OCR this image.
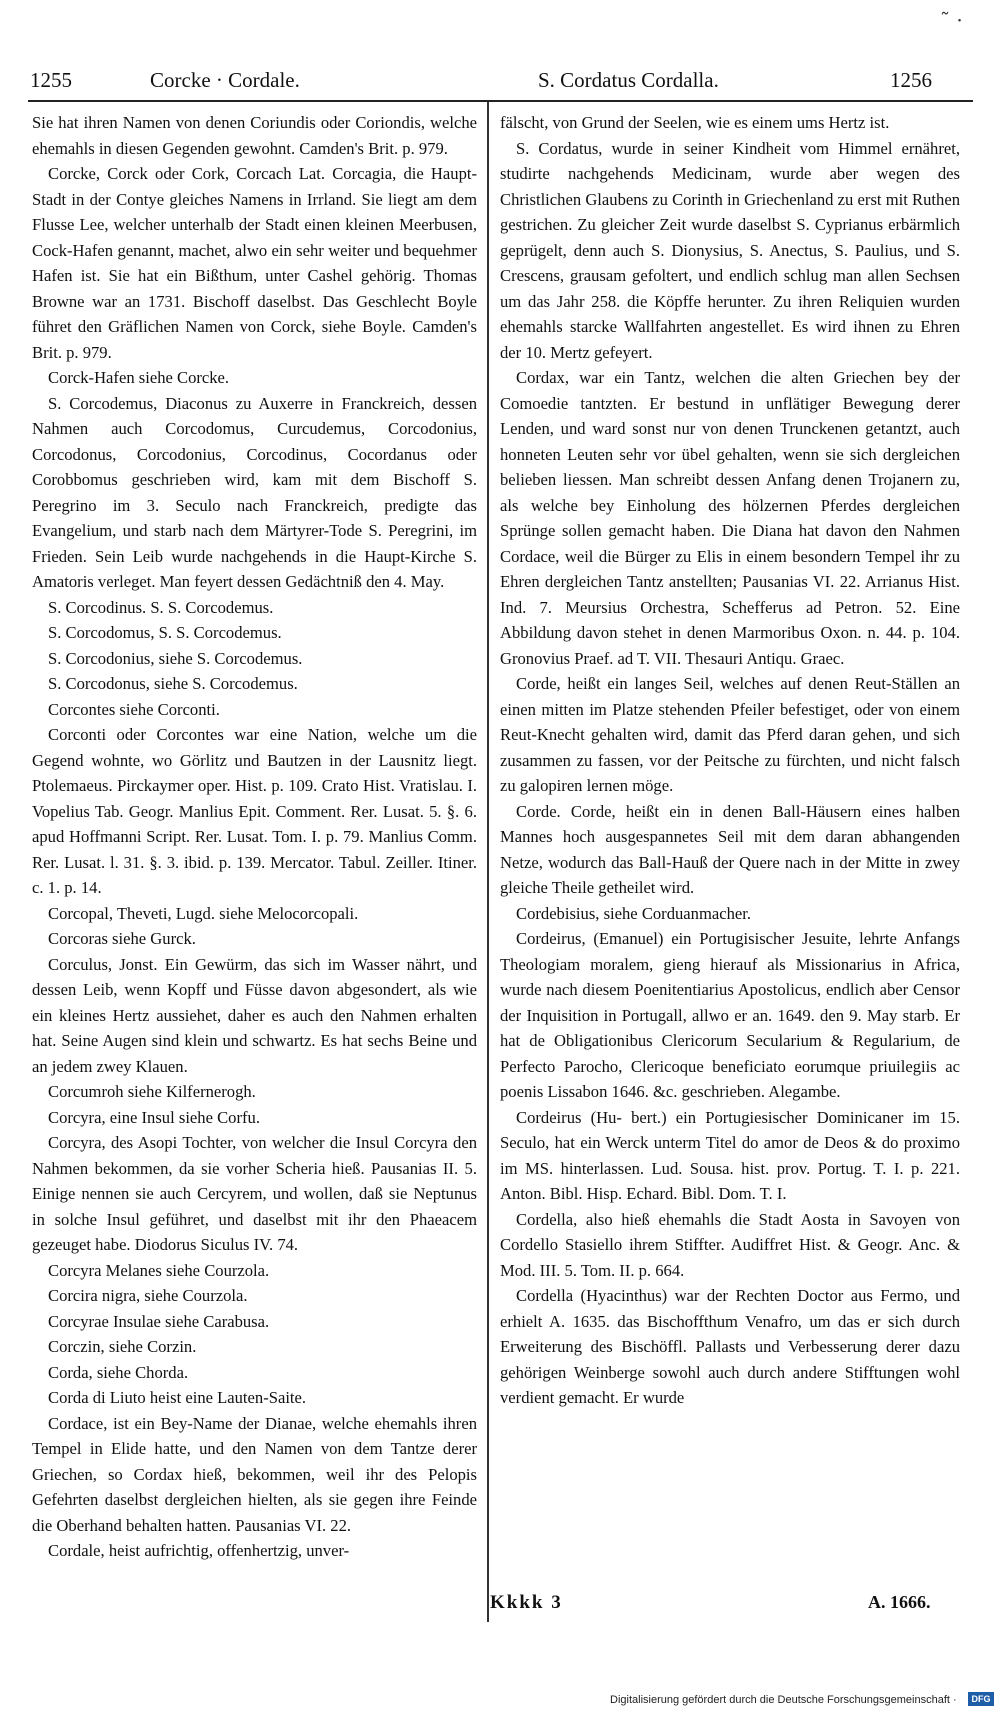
˜ ·
1255	Corcke · Cordale.	S. Cordatus Cordalla.	1256

Sie hat ihren Namen von denen Coriundis oder Coriondis, welche ehemahls in diesen Gegenden gewohnt. Camden's Brit. p. 979.

Corcke, Corck oder Cork, Corcach Lat. Corcagia, die Haupt-Stadt in der Contye gleiches Namens in Irrland. Sie liegt am dem Flusse Lee, welcher unterhalb der Stadt einen kleinen Meerbusen, Cock-Hafen genannt, machet, alwo ein sehr weiter und bequehmer Hafen ist. Sie hat ein Bißthum, unter Cashel gehörig. Thomas Browne war an 1731. Bischoff daselbst. Das Geschlecht Boyle führet den Gräflichen Namen von Corck, siehe Boyle. Camden's Brit. p. 979.

Corck-Hafen siehe Corcke.

S. Corcodemus, Diaconus zu Auxerre in Franckreich, dessen Nahmen auch Corcodomus, Curcudemus, Corcodonius, Corcodonus, Corcodonius, Corcodinus, Cocordanus oder Corobbomus geschrieben wird, kam mit dem Bischoff S. Peregrino im 3. Seculo nach Franckreich, predigte das Evangelium, und starb nach dem Märtyrer-Tode S. Peregrini, im Frieden. Sein Leib wurde nachgehends in die Haupt-Kirche S. Amatoris verleget. Man feyert dessen Gedächtniß den 4. May.

S. Corcodinus. S. S. Corcodemus.

S. Corcodomus, S. S. Corcodemus.

S. Corcodonius, siehe S. Corcodemus.

S. Corcodonus, siehe S. Corcodemus.

Corcontes siehe Corconti.

Corconti oder Corcontes war eine Nation, welche um die Gegend wohnte, wo Görlitz und Bautzen in der Lausnitz liegt. Ptolemaeus. Pirckaymer oper. Hist. p. 109. Crato Hist. Vratislau. I. Vopelius Tab. Geogr. Manlius Epit. Comment. Rer. Lusat. 5. §. 6. apud Hoffmanni Script. Rer. Lusat. Tom. I. p. 79. Manlius Comm. Rer. Lusat. l. 31. §. 3. ibid. p. 139. Mercator. Tabul. Zeiller. Itiner. c. 1. p. 14.

Corcopal, Theveti, Lugd. siehe Melocorcopali.

Corcoras siehe Gurck.

Corculus, Jonst. Ein Gewürm, das sich im Wasser nährt, und dessen Leib, wenn Kopff und Füsse davon abgesondert, als wie ein kleines Hertz aussiehet, daher es auch den Nahmen erhalten hat. Seine Augen sind klein und schwartz. Es hat sechs Beine und an jedem zwey Klauen.

Corcumroh siehe Kilfernerogh.

Corcyra, eine Insul siehe Corfu.

Corcyra, des Asopi Tochter, von welcher die Insul Corcyra den Nahmen bekommen, da sie vorher Scheria hieß. Pausanias II. 5. Einige nennen sie auch Cercyrem, und wollen, daß sie Neptunus in solche Insul geführet, und daselbst mit ihr den Phaeacem gezeuget habe. Diodorus Siculus IV. 74.

Corcyra Melanes siehe Courzola.

Corcira nigra, siehe Courzola.

Corcyrae Insulae siehe Carabusa.

Corczin, siehe Corzin.

Corda, siehe Chorda.

Corda di Liuto heist eine Lauten-Saite.

Cordace, ist ein Bey-Name der Dianae, welche ehemahls ihren Tempel in Elide hatte, und den Namen von dem Tantze derer Griechen, so Cordax hieß, bekommen, weil ihr des Pelopis Gefehrten daselbst dergleichen hielten, als sie gegen ihre Feinde die Oberhand behalten hatten. Pausanias VI. 22.

Cordale, heist aufrichtig, offenhertzig, unver-

fälscht, von Grund der Seelen, wie es einem ums Hertz ist.

S. Cordatus, wurde in seiner Kindheit vom Himmel ernähret, studirte nachgehends Medicinam, wurde aber wegen des Christlichen Glaubens zu Corinth in Griechenland zu erst mit Ruthen gestrichen. Zu gleicher Zeit wurde daselbst S. Cyprianus erbärmlich geprügelt, denn auch S. Dionysius, S. Anectus, S. Paulius, und S. Crescens, grausam gefoltert, und endlich schlug man allen Sechsen um das Jahr 258. die Köpffe herunter. Zu ihren Reliquien wurden ehemahls starcke Wallfahrten angestellet. Es wird ihnen zu Ehren der 10. Mertz gefeyert.

Cordax, war ein Tantz, welchen die alten Griechen bey der Comoedie tantzten. Er bestund in unflätiger Bewegung derer Lenden, und ward sonst nur von denen Trunckenen getantzt, auch honneten Leuten sehr vor übel gehalten, wenn sie sich dergleichen belieben liessen. Man schreibt dessen Anfang denen Trojanern zu, als welche bey Einholung des hölzernen Pferdes dergleichen Sprünge sollen gemacht haben. Die Diana hat davon den Nahmen Cordace, weil die Bürger zu Elis in einem besondern Tempel ihr zu Ehren dergleichen Tantz anstellten; Pausanias VI. 22. Arrianus Hist. Ind. 7. Meursius Orchestra, Schefferus ad Petron. 52. Eine Abbildung davon stehet in denen Marmoribus Oxon. n. 44. p. 104. Gronovius Praef. ad T. VII. Thesauri Antiqu. Graec.

Corde, heißt ein langes Seil, welches auf denen Reut-Ställen an einen mitten im Platze stehenden Pfeiler befestiget, oder von einem Reut-Knecht gehalten wird, damit das Pferd daran gehen, und sich zusammen zu fassen, vor der Peitsche zu fürchten, und nicht falsch zu galopiren lernen möge.

Corde. Corde, heißt ein in denen Ball-Häusern eines halben Mannes hoch ausgespannetes Seil mit dem daran abhangenden Netze, wodurch das Ball-Hauß der Quere nach in der Mitte in zwey gleiche Theile getheilet wird.

Cordebisius, siehe Corduanmacher.

Cordeirus, (Emanuel) ein Portugisischer Jesuite, lehrte Anfangs Theologiam moralem, gieng hierauf als Missionarius in Africa, wurde nach diesem Poenitentiarius Apostolicus, endlich aber Censor der Inquisition in Portugall, allwo er an. 1649. den 9. May starb. Er hat de Obligationibus Clericorum Secularium & Regularium, de Perfecto Parocho, Clericoque beneficiato eorumque priuilegiis ac poenis Lissabon 1646. &c. geschrieben. Alegambe.

Cordeirus (Hu- bert.) ein Portugiesischer Dominicaner im 15. Seculo, hat ein Werck unterm Titel do amor de Deos & do proximo im MS. hinterlassen. Lud. Sousa. hist. prov. Portug. T. I. p. 221. Anton. Bibl. Hisp. Echard. Bibl. Dom. T. I.

Cordella, also hieß ehemahls die Stadt Aosta in Savoyen von Cordello Stasiello ihrem Stiffter. Audiffret Hist. & Geogr. Anc. & Mod. III. 5. Tom. II. p. 664.

Cordella (Hyacinthus) war der Rechten Doctor aus Fermo, und erhielt A. 1635. das Bischoffthum Venafro, um das er sich durch Erweiterung des Bischöffl. Pallasts und Verbesserung derer dazu gehörigen Weinberge sowohl auch durch andere Stifftungen wohl verdient gemacht. Er wurde

Kkkk 3	A. 1666.
Digitalisierung gefördert durch die Deutsche Forschungsgemeinschaft ·	DFG
